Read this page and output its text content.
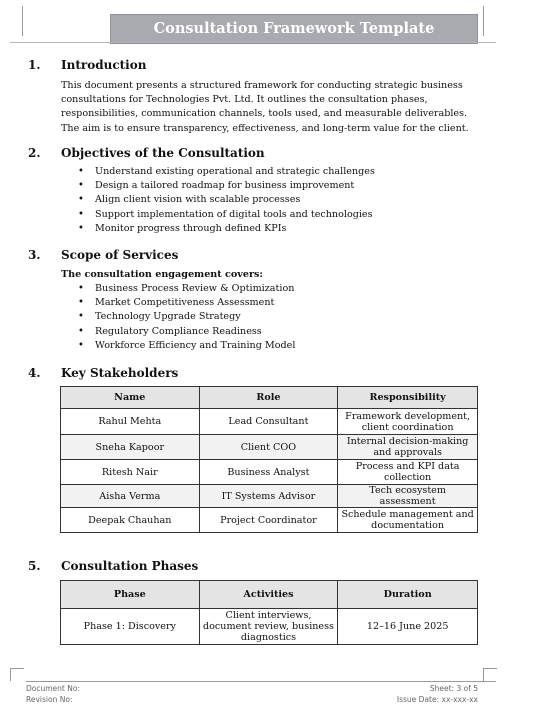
Consultation Framework Template
1. Introduction
This document presents a structured framework for conducting strategic business consultations for Technologies Pvt. Ltd. It outlines the consultation phases, responsibilities, communication channels, tools used, and measurable deliverables. The aim is to ensure transparency, effectiveness, and long-term value for the client.
2. Objectives of the Consultation
• Understand existing operational and strategic challenges
• Design a tailored roadmap for business improvement
• Align client vision with scalable processes
• Support implementation of digital tools and technologies
• Monitor progress through defined KPIs
3. Scope of Services
The consultation engagement covers:
• Business Process Review & Optimization
• Market Competitiveness Assessment
• Technology Upgrade Strategy
• Regulatory Compliance Readiness
• Workforce Efficiency and Training Model
4. Key Stakeholders
Name	Role	Responsibility
Rahul Mehta	Lead Consultant	Framework development, client coordination
Sneha Kapoor	Client COO	Internal decision-making and approvals
Ritesh Nair	Business Analyst	Process and KPI data collection
Aisha Verma	IT Systems Advisor	Tech ecosystem assessment
Deepak Chauhan	Project Coordinator	Schedule management and documentation
5. Consultation Phases
Phase	Activities	Duration
Phase 1: Discovery	Client interviews, document review, business diagnostics	12–16 June 2025
Document No:
Revision No:
Sheet: 3 of 5
Issue Date: xx-xxx-xx
